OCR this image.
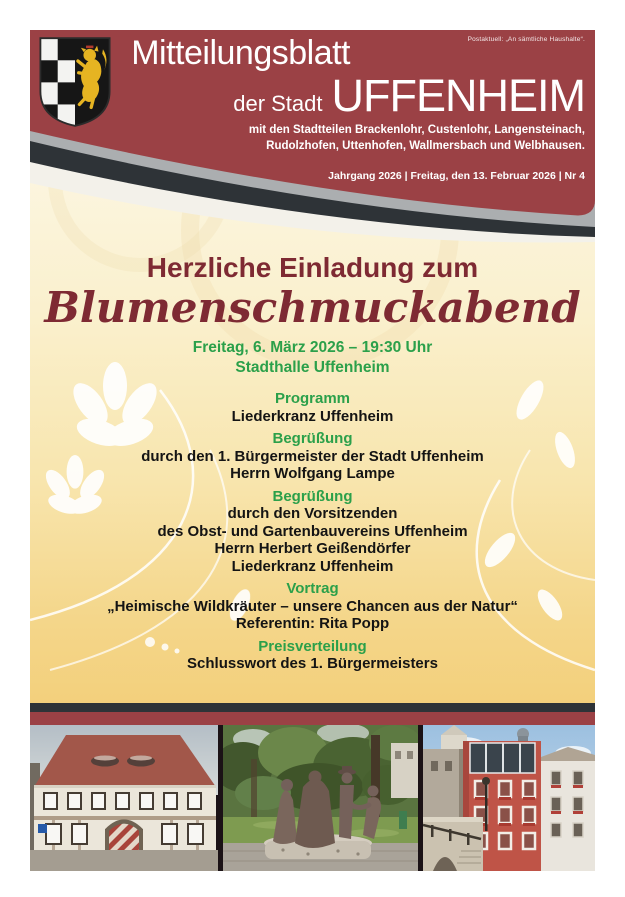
Postaktuell: „An sämtliche Haushalte“.
Mitteilungsblatt
der Stadt UFFENHEIM
mit den Stadtteilen Brackenlohr, Custenlohr, Langensteinach,
Rudolzhofen, Uttenhofen, Wallmersbach und Welbhausen.
Jahrgang 2026 | Freitag, den 13. Februar 2026 | Nr 4
Herzliche Einladung zum
Blumenschmuckabend
Freitag, 6. März 2026 – 19:30 Uhr
Stadthalle Uffenheim
Programm
Liederkranz Uffenheim
Begrüßung
durch den 1. Bürgermeister der Stadt Uffenheim
Herrn Wolfgang Lampe
Begrüßung
durch den Vorsitzenden
des Obst- und Gartenbauvereins Uffenheim
Herrn Herbert Geißendörfer
Liederkranz Uffenheim
Vortrag
„Heimische Wildkräuter – unsere Chancen aus der Natur“
Referentin: Rita Popp
Preisverteilung
Schlusswort des 1. Bürgermeisters
